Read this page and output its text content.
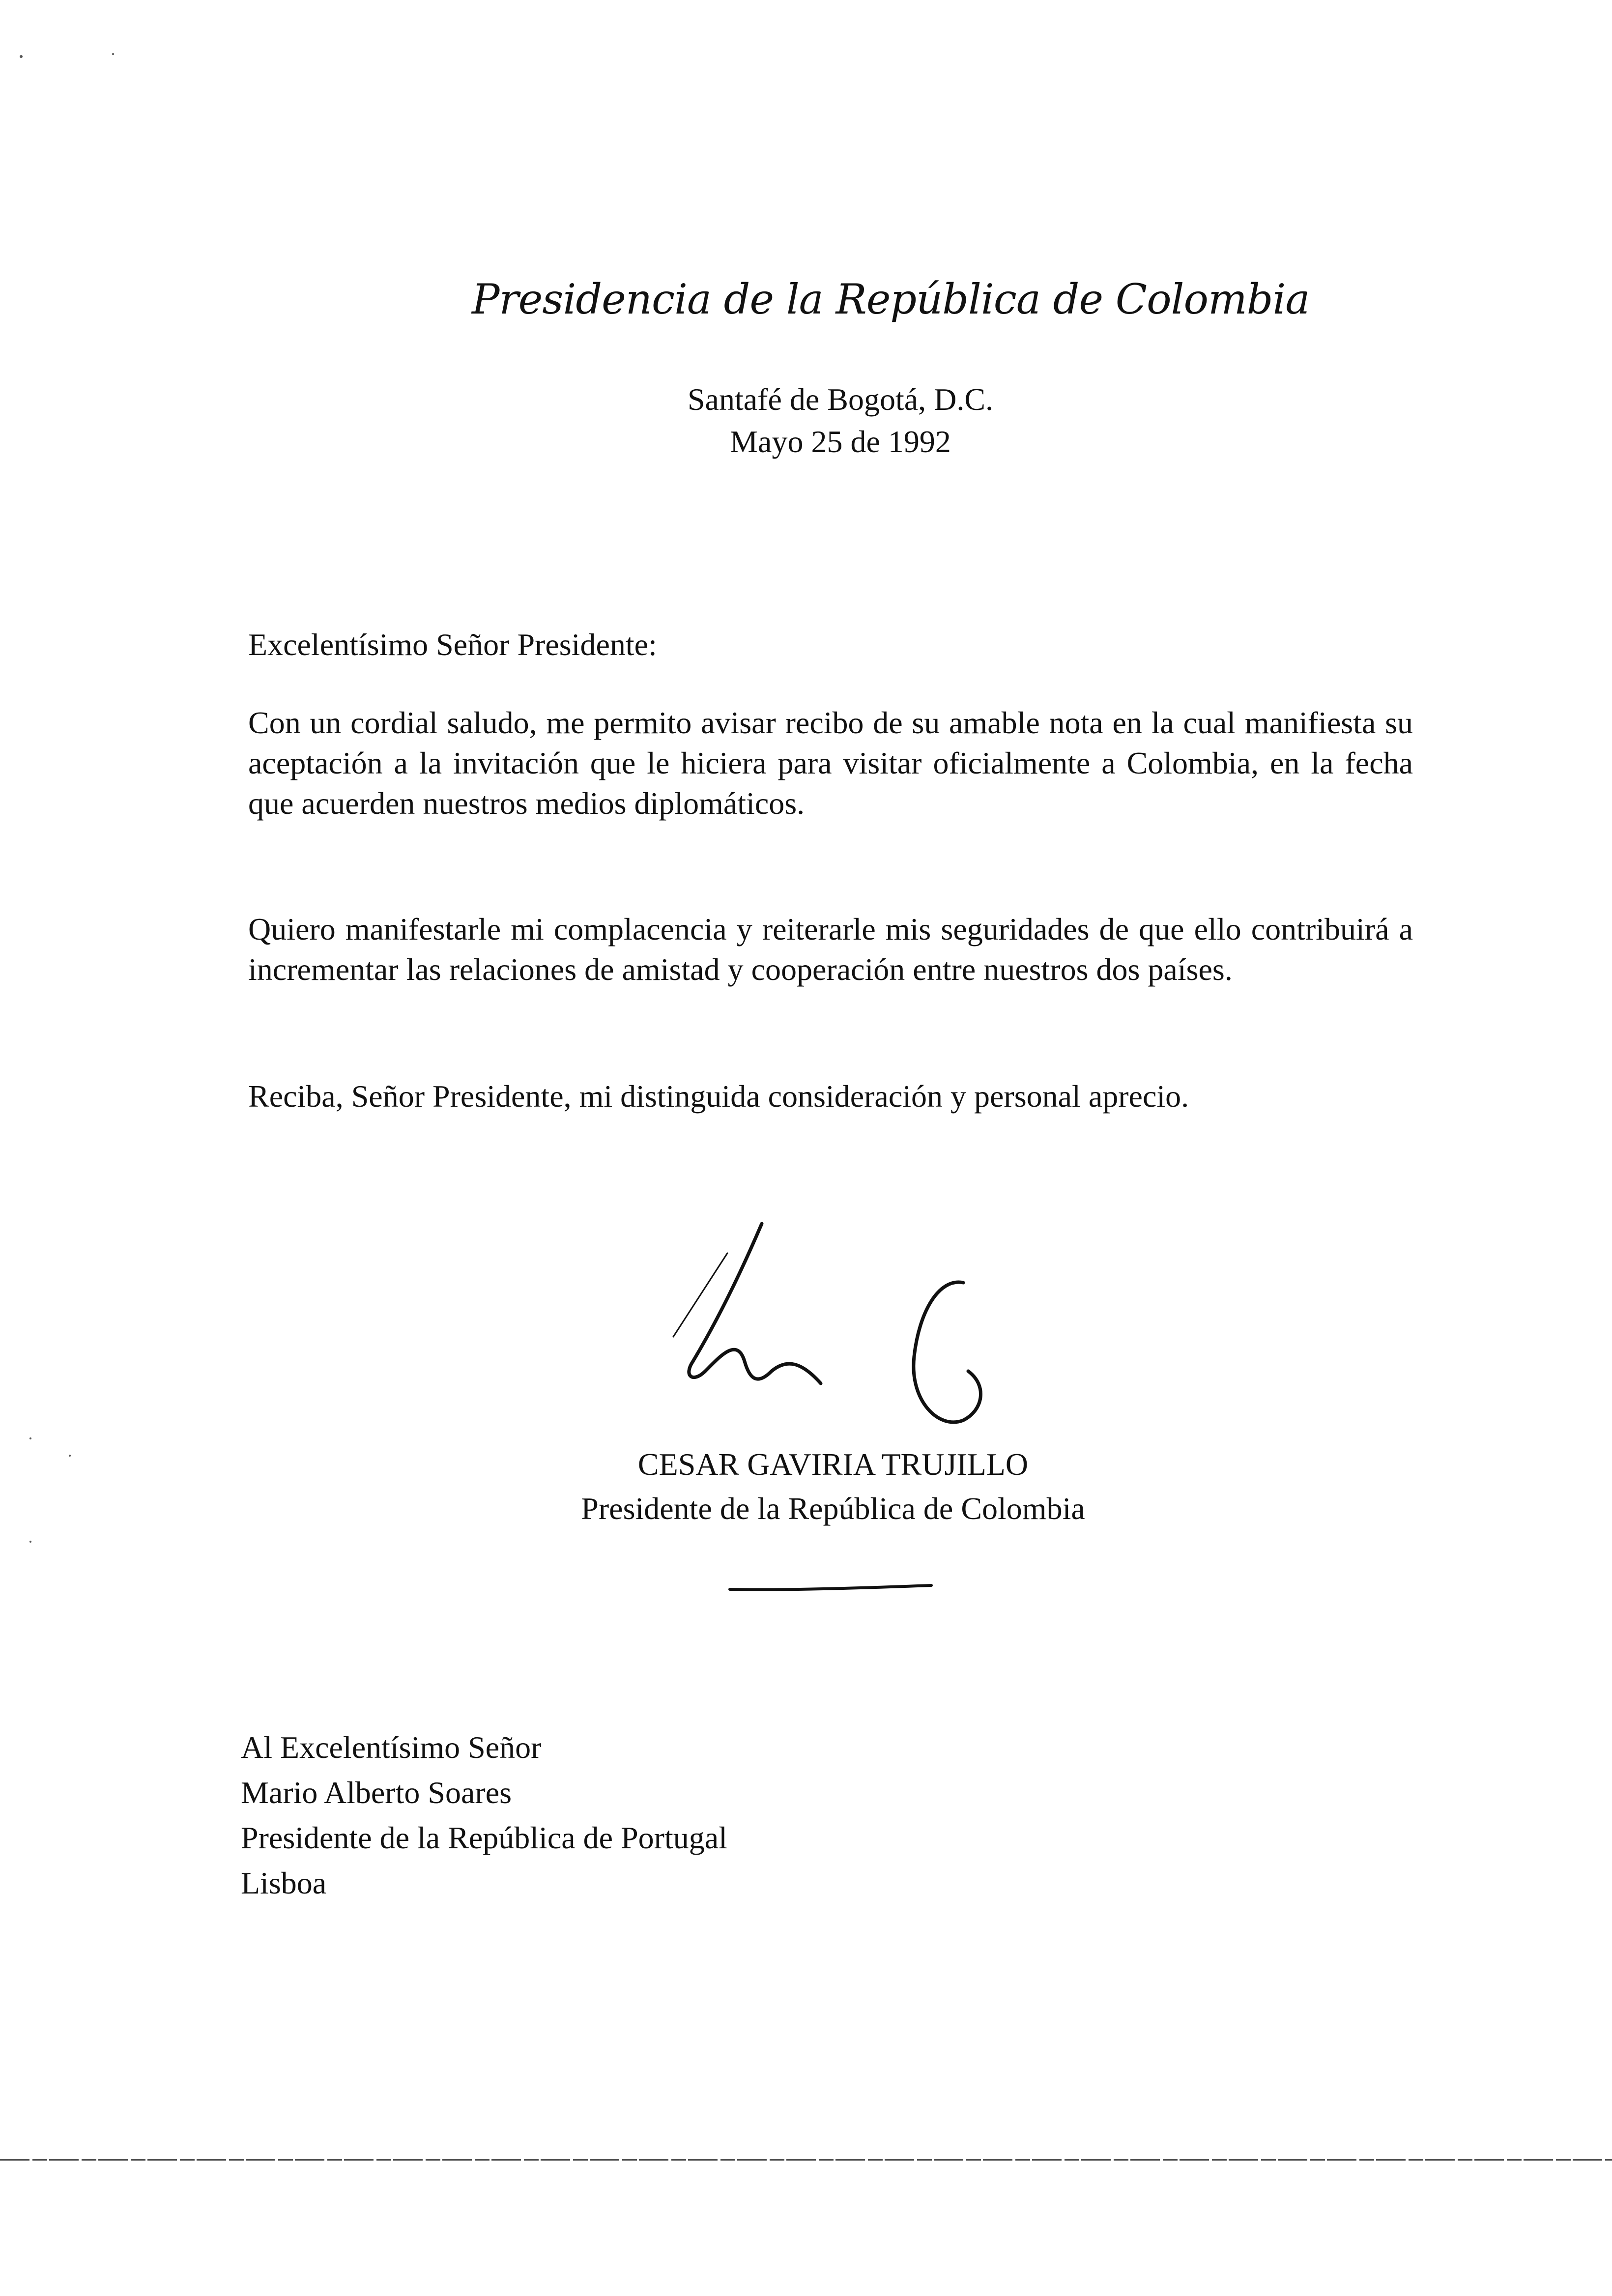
Presidencia de la República de Colombia
Santafé de Bogotá, D.C.
Mayo 25 de 1992
Excelentísimo Señor Presidente:
Con un cordial saludo, me permito avisar recibo de su amable nota en la cual manifiesta su aceptación a la invitación que le hiciera para visitar oficialmente a Colombia, en la fecha que acuerden nuestros medios diplomáticos.
Quiero manifestarle mi complacencia y reiterarle mis seguridades de que ello contribuirá a incrementar las relaciones de amistad y cooperación entre nuestros dos países.
Reciba, Señor Presidente, mi distinguida consideración y personal aprecio.
CESAR GAVIRIA TRUJILLO
Presidente de la República de Colombia
Al Excelentísimo Señor
Mario Alberto Soares
Presidente de la República de Portugal
Lisboa
